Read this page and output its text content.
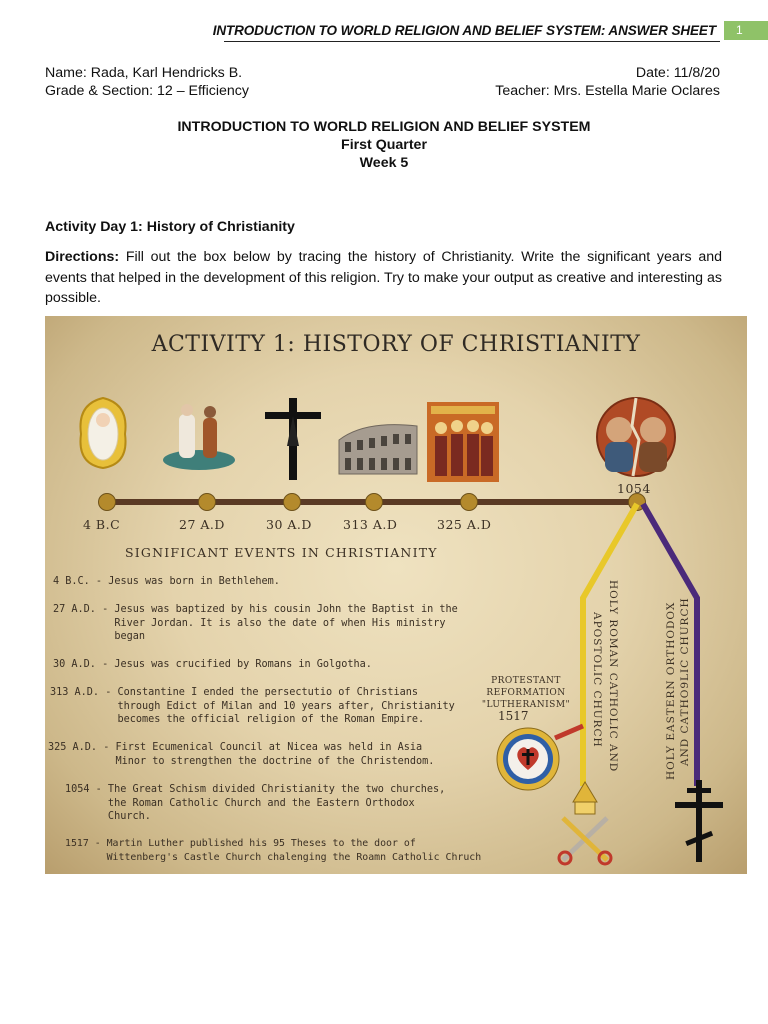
INTRODUCTION TO WORLD RELIGION AND BELIEF SYSTEM: ANSWER SHEET	1
Name: Rada, Karl Hendricks B.	Date: 11/8/20
Grade & Section: 12 – Efficiency	Teacher: Mrs. Estella Marie Oclares
INTRODUCTION TO WORLD RELIGION AND BELIEF SYSTEM
First Quarter
Week 5
Activity Day 1: History of Christianity
Directions: Fill out the box below by tracing the history of Christianity. Write the significant years and events that helped in the development of this religion. Try to make your output as creative and interesting as possible.
ACTIVITY 1: HISTORY OF CHRISTIANITY
4 B.C	27 A.D	30 A.D 313 A.D	325 A.D
1054
SIGNIFICANT EVENTS IN CHRISTIANITY
4 B.C. - Jesus was born in Bethlehem.
27 A.D. - Jesus was baptized by his cousin John the Baptist in the
River Jordan. It is also the date of when His ministry
began
30 A.D. - Jesus was crucified by Romans in Golgotha.
313 A.D. - Constantine I ended the persectutio of Christians
through Edict of Milan and 10 years after, Christianity
becomes the official religion of the Roman Empire.
325 A.D. - First Ecumenical Council at Nicea was held in Asia
Minor to strengthen the doctrine of the Christendom.
1054 - The Great Schism divided Christianity the two churches,
the Roman Catholic Church and the Eastern Orthodox
Church.
1517 - Martin Luther published his 95 Theses to the door of
Wittenberg's Castle Church chalenging the Roamn Catholic Chruch
PROTESTANT
REFORMATION
"LUTHERANISM"
1517	HOLY ROMAN CATHOLIC AND
APOSTOLIC CHURCH	HOLY EASTERN ORTHODOX AND CATHO9LIC CHURCH
